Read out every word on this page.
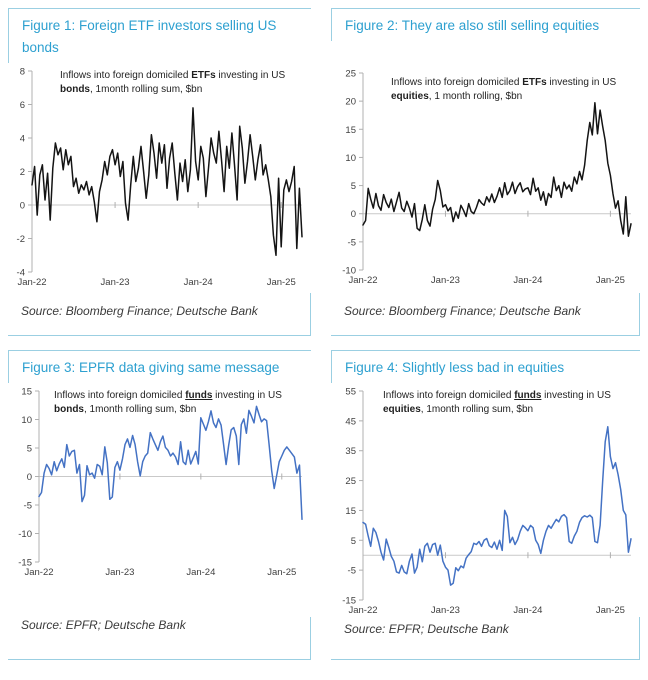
Figure 1: Foreign ETF investors selling US bonds
8
6
4
2
0
-2
-4
Jan-22	Jan-23	Jan-24	Jan-25
Inflows into foreign domiciled ETFs investing in US bonds, 1month rolling sum, $bn
Source: Bloomberg Finance; Deutsche Bank
Figure 2: They are also still selling equities
25
20
15
10
5
0
-5
-10
Jan-22	Jan-23	Jan-24	Jan-25
Inflows into foreign domiciled ETFs investing in US equities, 1 month rolling, $bn
Source: Bloomberg Finance; Deutsche Bank
Figure 3: EPFR data giving same message
15
10
5
0
-5
-10
-15
Jan-22	Jan-23	Jan-24	Jan-25
Inflows into foreign domiciled funds investing in US bonds, 1month rolling sum, $bn
Source: EPFR; Deutsche Bank
Figure 4: Slightly less bad in equities
55
45
35
25
15
5
-5
-15
Jan-22	Jan-23	Jan-24	Jan-25
Inflows into foreign domiciled funds investing in US equities, 1month rolling sum, $bn
Source: EPFR; Deutsche Bank
